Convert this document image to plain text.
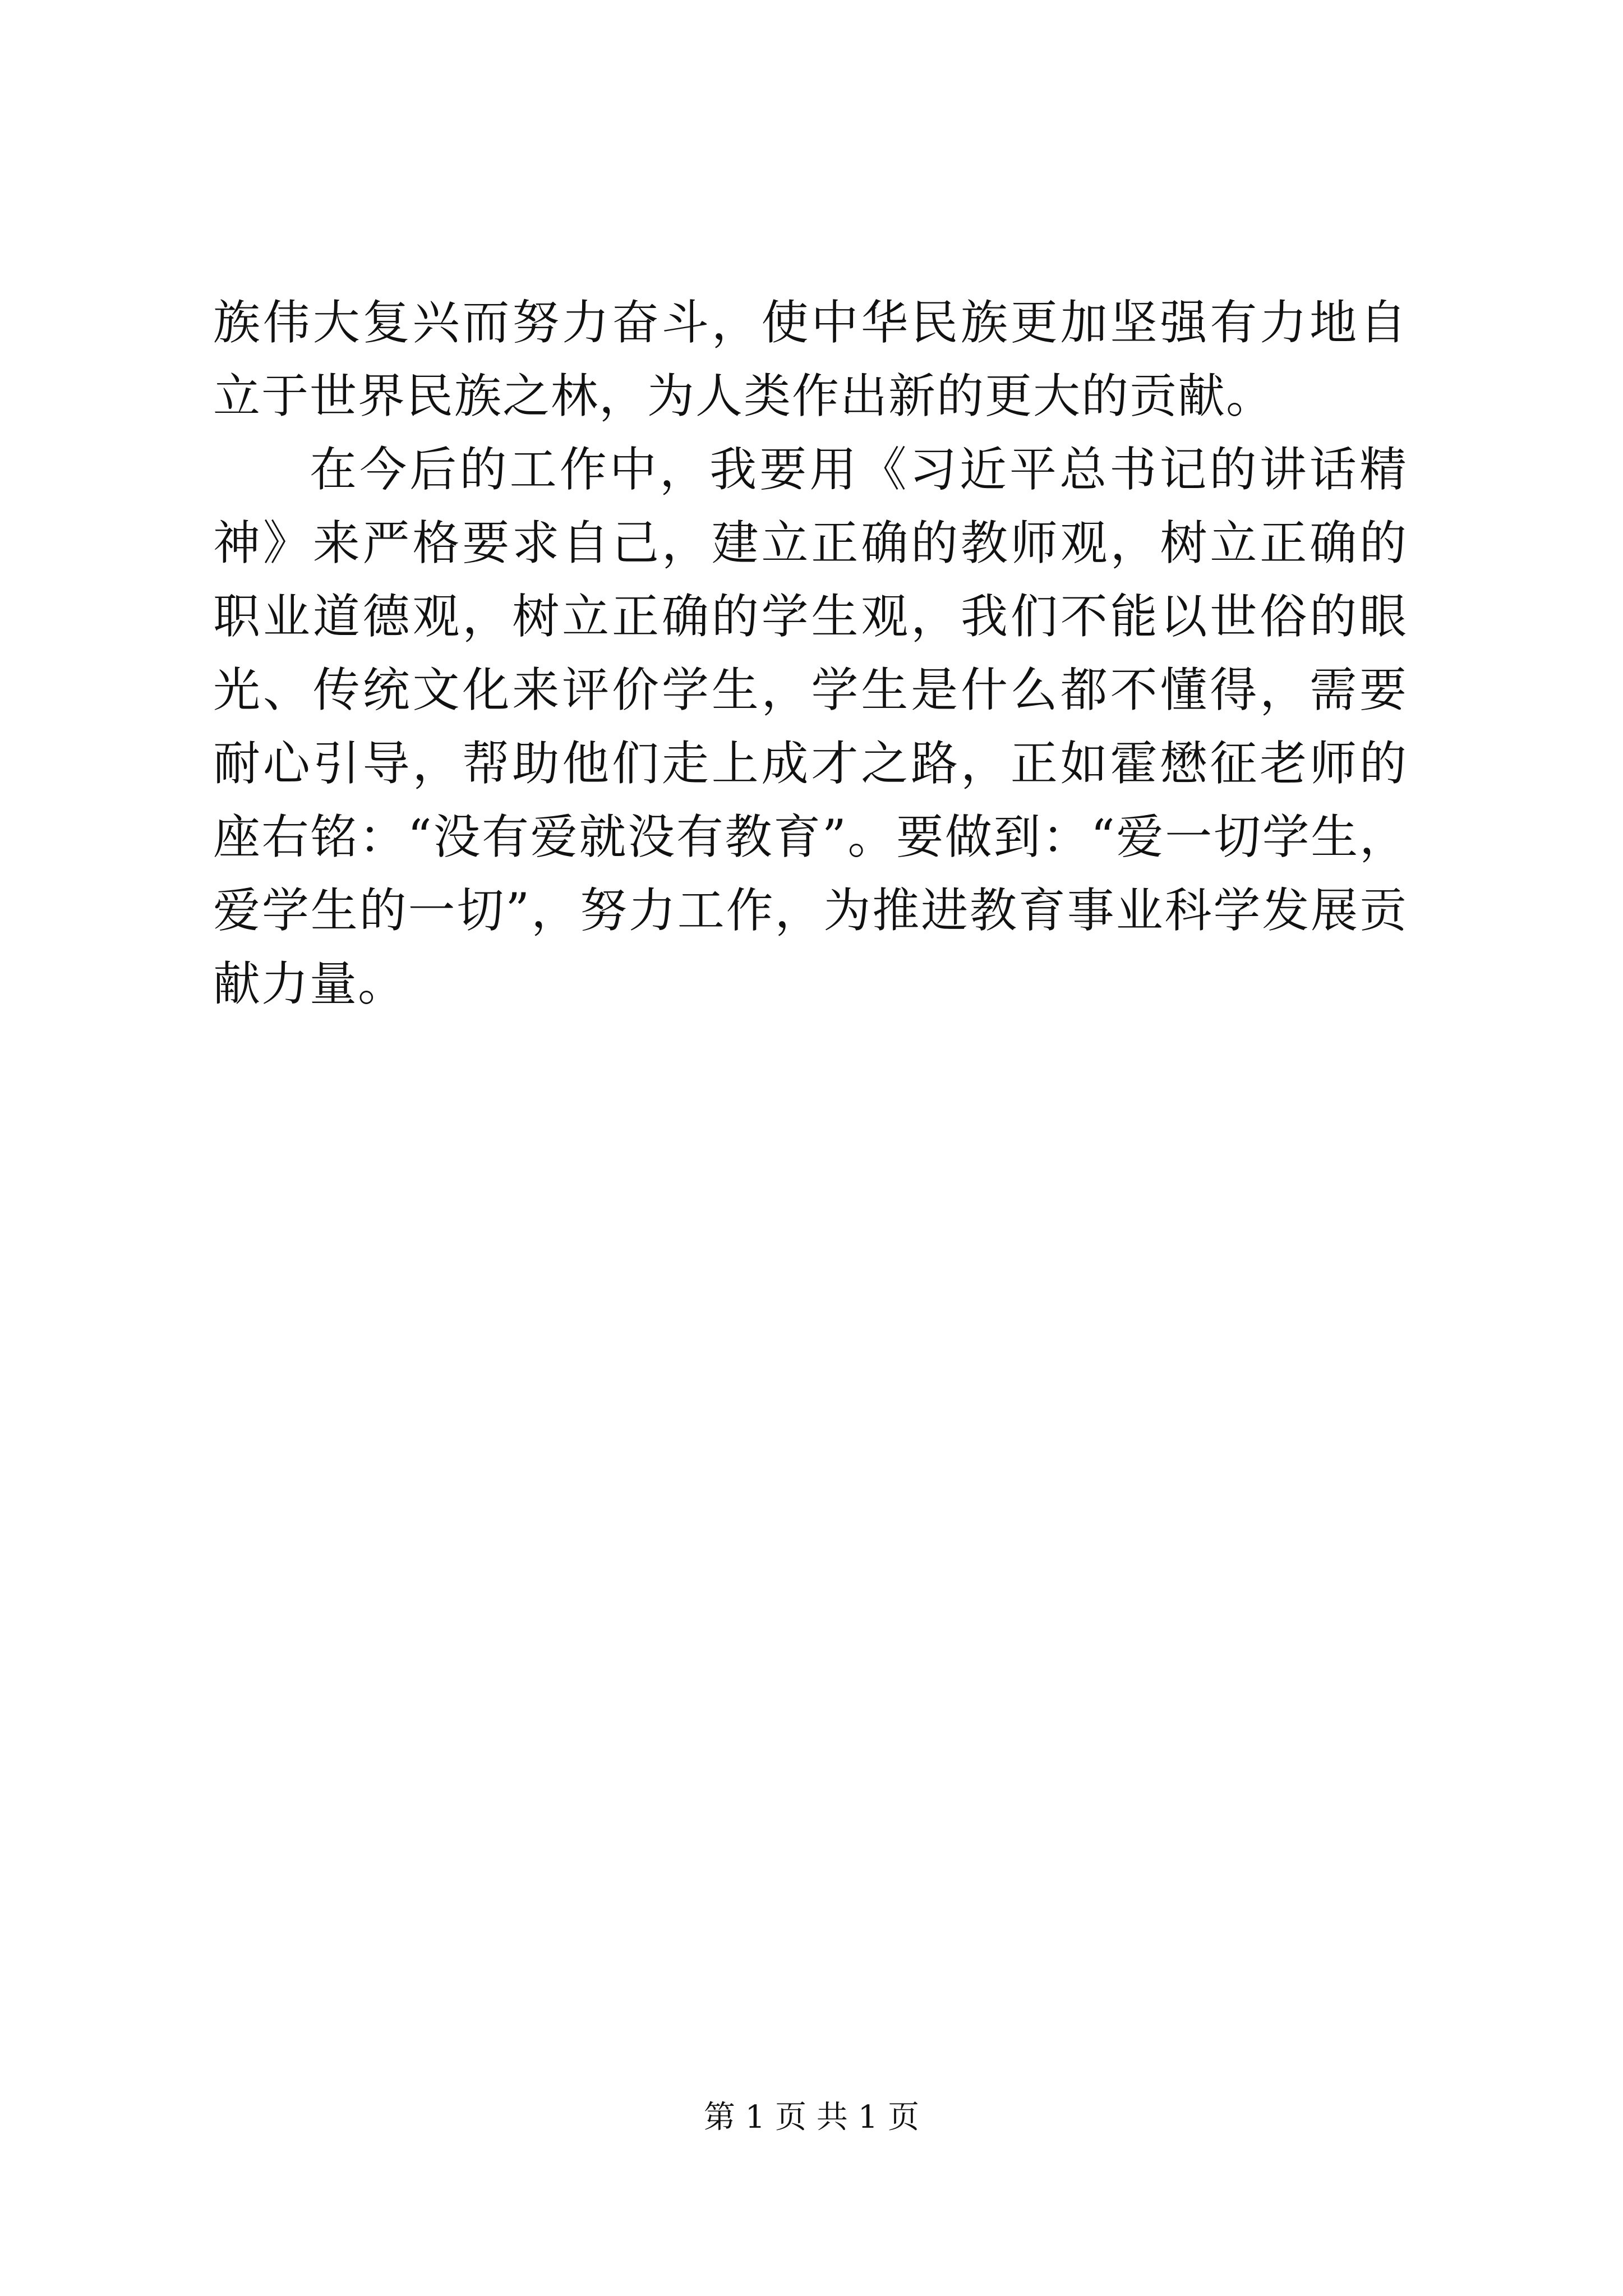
族伟大复兴而努力奋斗，使中华民族更加坚强有力地自立于世界民族之林，为人类作出新的更大的贡献。

在今后的工作中，我要用《习近平总书记的讲话精神》来严格要求自己，建立正确的教师观，树立正确的职业道德观，树立正确的学生观，我们不能以世俗的眼光、传统文化来评价学生，学生是什么都不懂得，需要耐心引导，帮助他们走上成才之路，正如霍懋征老师的座右铭：“没有爱就没有教育”。要做到：“爱一切学生，爱学生的一切”，努力工作，为推进教育事业科学发展贡献力量。

第 1 页 共 1 页
